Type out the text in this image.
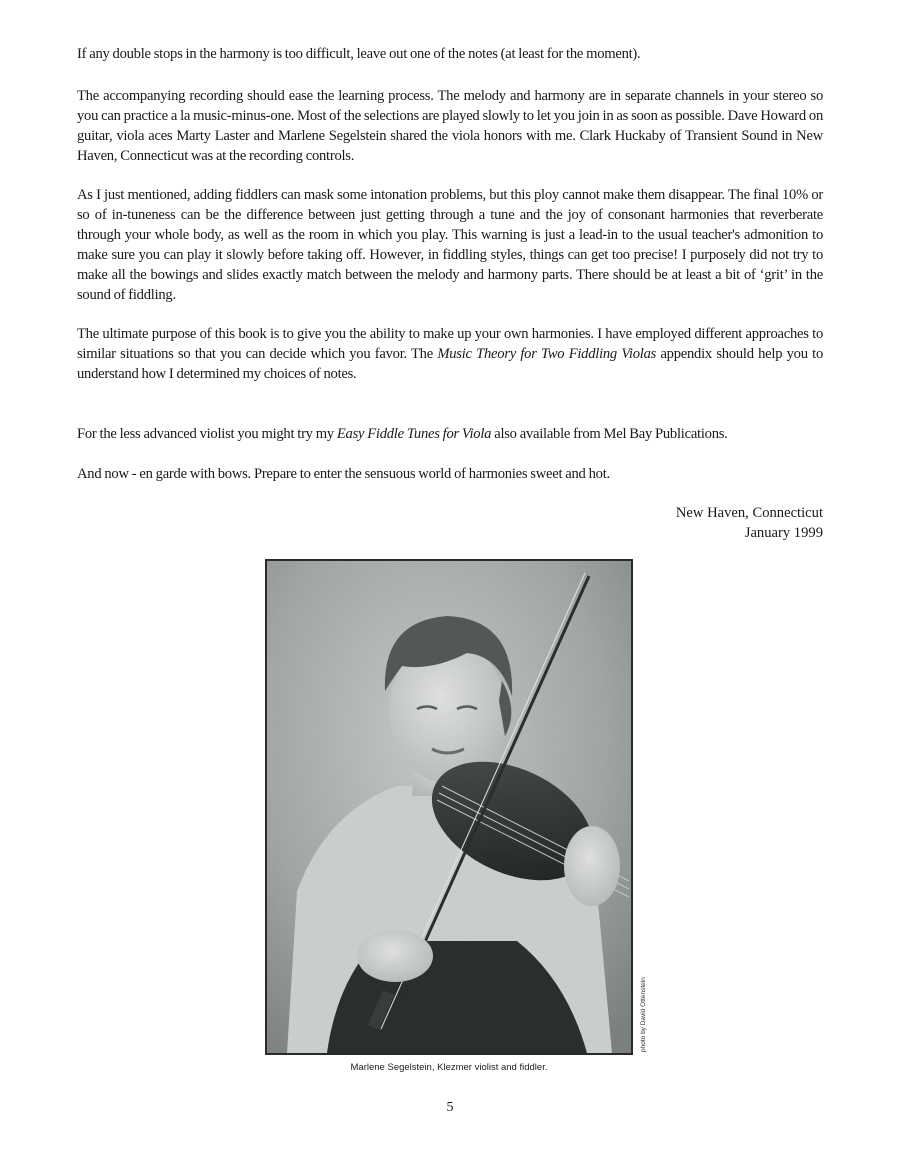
If any double stops in the harmony is too difficult, leave out one of the notes (at least for the moment).

The accompanying recording should ease the learning process. The melody and harmony are in separate channels in your stereo so you can practice a la music-minus-one. Most of the selections are played slowly to let you join in as soon as possible. Dave Howard on guitar, viola aces Marty Laster and Marlene Segelstein shared the viola honors with me. Clark Huckaby of Transient Sound in New Haven, Connecticut was at the recording controls.

As I just mentioned, adding fiddlers can mask some intonation problems, but this ploy cannot make them disappear. The final 10% or so of in-tuneness can be the difference between just getting through a tune and the joy of consonant harmonies that reverberate through your whole body, as well as the room in which you play. This warning is just a lead-in to the usual teacher's admonition to make sure you can play it slowly before taking off. However, in fiddling styles, things can get too precise! I purposely did not try to make all the bowings and slides exactly match between the melody and harmony parts. There should be at least a bit of ‘grit’ in the sound of fiddling.

The ultimate purpose of this book is to give you the ability to make up your own harmonies. I have employed different approaches to similar situations so that you can decide which you favor. The Music Theory for Two Fiddling Violas appendix should help you to understand how I determined my choices of notes.

For the less advanced violist you might try my Easy Fiddle Tunes for Viola also available from Mel Bay Publications.

And now - en garde with bows. Prepare to enter the sensuous world of harmonies sweet and hot.

New Haven, Connecticut

January 1999

photo by David Ottenstein

Marlene Segelstein, Klezmer violist and fiddler.

5
